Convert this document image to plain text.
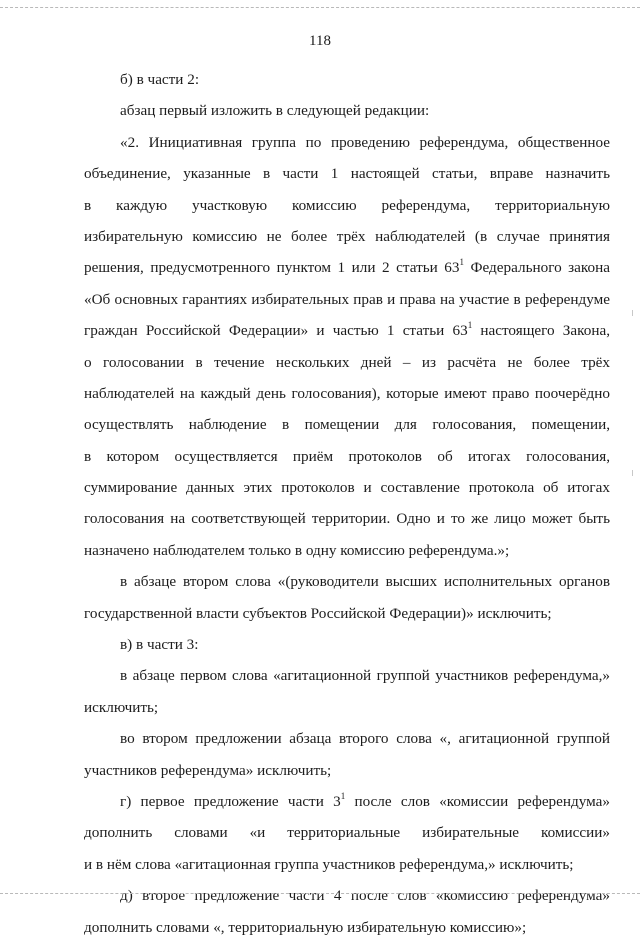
118
б) в части 2:
абзац первый изложить в следующей редакции:
«2. Инициативная группа по проведению референдума, общественное
объединение, указанные в части 1 настоящей статьи, вправе назначить
в каждую участковую комиссию референдума, территориальную
избирательную комиссию не более трёх наблюдателей (в случае принятия
решения, предусмотренного пунктом 1 или 2 статьи $63^1$ Федерального закона
«Об основных гарантиях избирательных прав и права на участие в референдуме
граждан Российской Федерации» и частью 1 статьи $63^1$ настоящего Закона,
о голосовании в течение нескольких дней – из расчёта не более трёх
наблюдателей на каждый день голосования), которые имеют право поочерёдно
осуществлять наблюдение в помещении для голосования, помещении,
в котором осуществляется приём протоколов об итогах голосования,
суммирование данных этих протоколов и составление протокола об итогах
голосования на соответствующей территории. Одно и то же лицо может быть
назначено наблюдателем только в одну комиссию референдума.»;
в абзаце втором слова «(руководители высших исполнительных органов
государственной власти субъектов Российской Федерации)» исключить;
в) в части 3:
в абзаце первом слова «агитационной группой участников референдума,»
исключить;
во втором предложении абзаца второго слова «, агитационной группой
участников референдума» исключить;
г) первое предложение части $3^1$ после слов «комиссии референдума»
дополнить словами «и территориальные избирательные комиссии»
и в нём слова «агитационная группа участников референдума,» исключить;
д) второе предложение части 4 после слов «комиссию референдума»
дополнить словами «, территориальную избирательную комиссию»;
